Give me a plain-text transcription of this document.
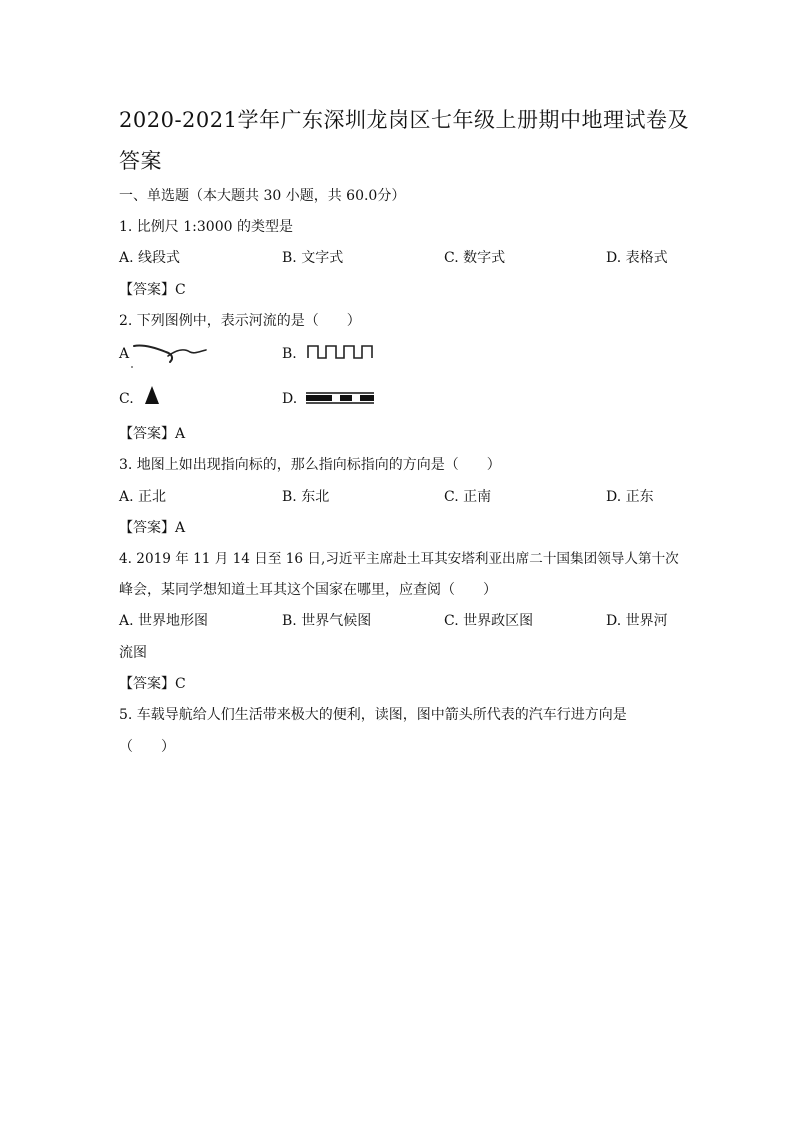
2020-2021学年广东深圳龙岗区七年级上册期中地理试卷及答案
一、单选题（本大题共 30 小题，共 60.0分）
1. 比例尺 1:3000 的类型是
A. 线段式	B. 文字式	C. 数字式	D. 表格式
【答案】C
2. 下列图例中，表示河流的是（　　）
A	B.
C.	D.
【答案】A
3. 地图上如出现指向标的，那么指向标指向的方向是（　　）
A. 正北	B. 东北	C. 正南	D. 正东
【答案】A
4. 2019 年 11 月 14 日至 16 日,习近平主席赴土耳其安塔利亚出席二十国集团领导人第十次
峰会，某同学想知道土耳其这个国家在哪里，应查阅（　　）
A. 世界地形图	B. 世界气候图	C. 世界政区图	D. 世界河
流图
【答案】C
5. 车载导航给人们生活带来极大的便利，读图，图中箭头所代表的汽车行进方向是
（　　）
